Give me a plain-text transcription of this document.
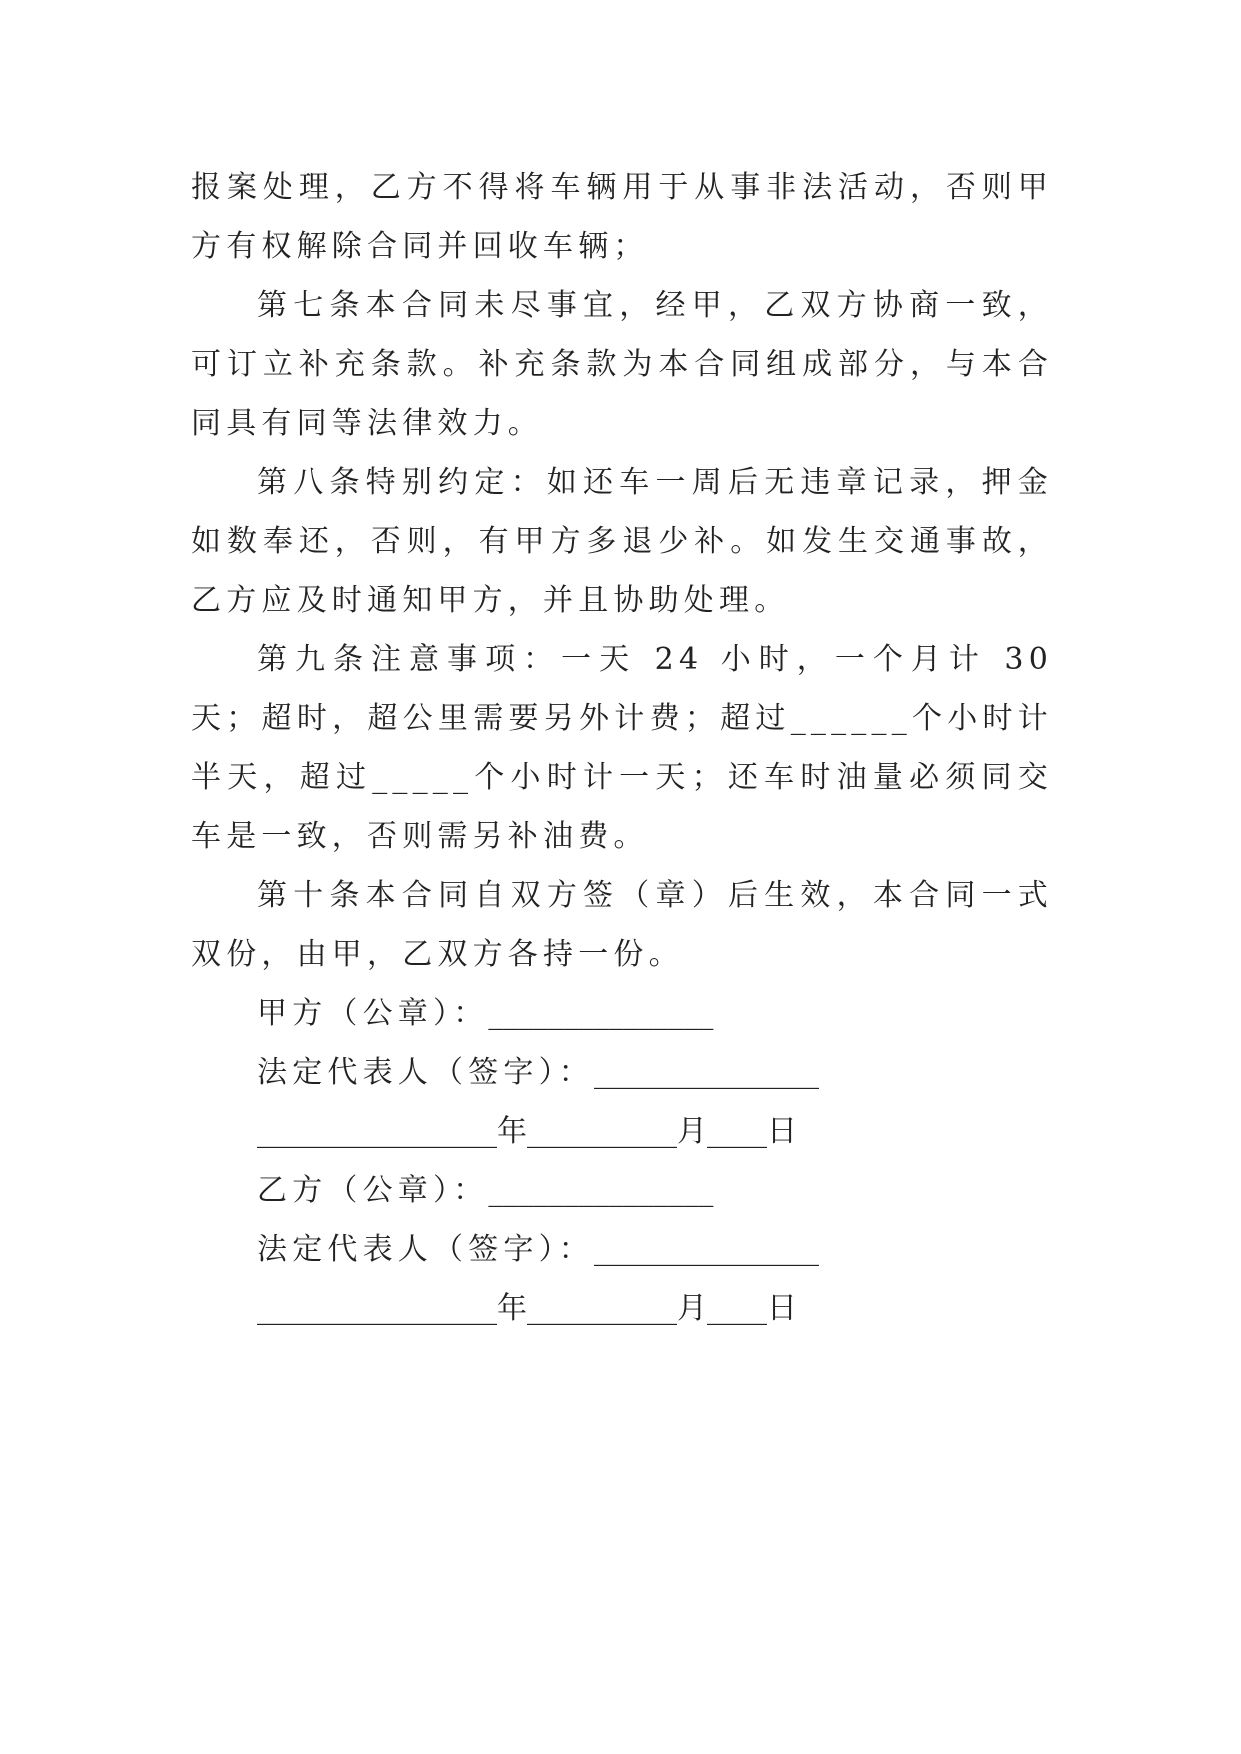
报案处理，乙方不得将车辆用于从事非法活动，否则甲方有权解除合同并回收车辆；

第七条本合同未尽事宜，经甲，乙双方协商一致，可订立补充条款。补充条款为本合同组成部分，与本合同具有同等法律效力。

第八条特别约定：如还车一周后无违章记录，押金如数奉还，否则，有甲方多退少补。如发生交通事故，乙方应及时通知甲方，并且协助处理。

第九条注意事项：一天 24 小时，一个月计 30 天；超时，超公里需要另外计费；超过______个小时计半天，超过_____个小时计一天；还车时油量必须同交车是一致，否则需另补油费。

第十条本合同自双方签（章）后生效，本合同一式双份，由甲，乙双方各持一份。

甲方（公章）：_______________

法定代表人（签字）：_______________

________________年__________月____日

乙方（公章）：_______________

法定代表人（签字）：_______________

________________年__________月____日
